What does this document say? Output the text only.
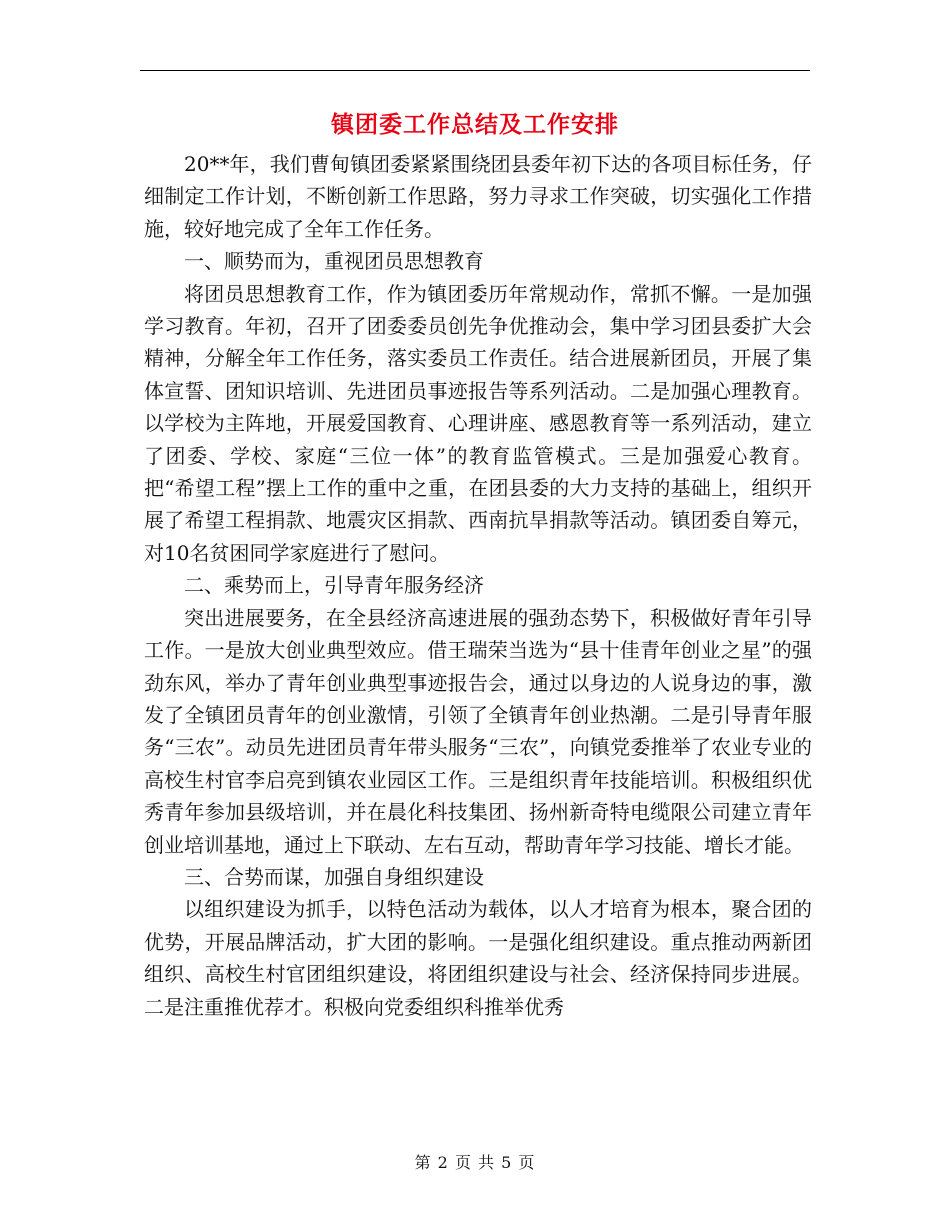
镇团委工作总结及工作安排

20**年，我们曹甸镇团委紧紧围绕团县委年初下达的各项目标任务，仔细制定工作计划，不断创新工作思路，努力寻求工作突破，切实强化工作措施，较好地完成了全年工作任务。

一、顺势而为，重视团员思想教育

将团员思想教育工作，作为镇团委历年常规动作，常抓不懈。一是加强学习教育。年初，召开了团委委员创先争优推动会，集中学习团县委扩大会精神，分解全年工作任务，落实委员工作责任。结合进展新团员，开展了集体宣誓、团知识培训、先进团员事迹报告等系列活动。二是加强心理教育。以学校为主阵地，开展爱国教育、心理讲座、感恩教育等一系列活动，建立了团委、学校、家庭“三位一体”的教育监管模式。三是加强爱心教育。把“希望工程”摆上工作的重中之重，在团县委的大力支持的基础上，组织开展了希望工程捐款、地震灾区捐款、西南抗旱捐款等活动。镇团委自筹元，对10名贫困同学家庭进行了慰问。

二、乘势而上，引导青年服务经济

突出进展要务，在全县经济高速进展的强劲态势下，积极做好青年引导工作。一是放大创业典型效应。借王瑞荣当选为“县十佳青年创业之星”的强劲东风，举办了青年创业典型事迹报告会，通过以身边的人说身边的事，激发了全镇团员青年的创业激情，引领了全镇青年创业热潮。二是引导青年服务“三农”。动员先进团员青年带头服务“三农”，向镇党委推举了农业专业的高校生村官李启亮到镇农业园区工作。三是组织青年技能培训。积极组织优秀青年参加县级培训，并在晨化科技集团、扬州新奇特电缆限公司建立青年创业培训基地，通过上下联动、左右互动，帮助青年学习技能、增长才能。

三、合势而谋，加强自身组织建设

以组织建设为抓手，以特色活动为载体，以人才培育为根本，聚合团的优势，开展品牌活动，扩大团的影响。一是强化组织建设。重点推动两新团组织、高校生村官团组织建设，将团组织建设与社会、经济保持同步进展。二是注重推优荐才。积极向党委组织科推举优秀

第 2 页 共 5 页
